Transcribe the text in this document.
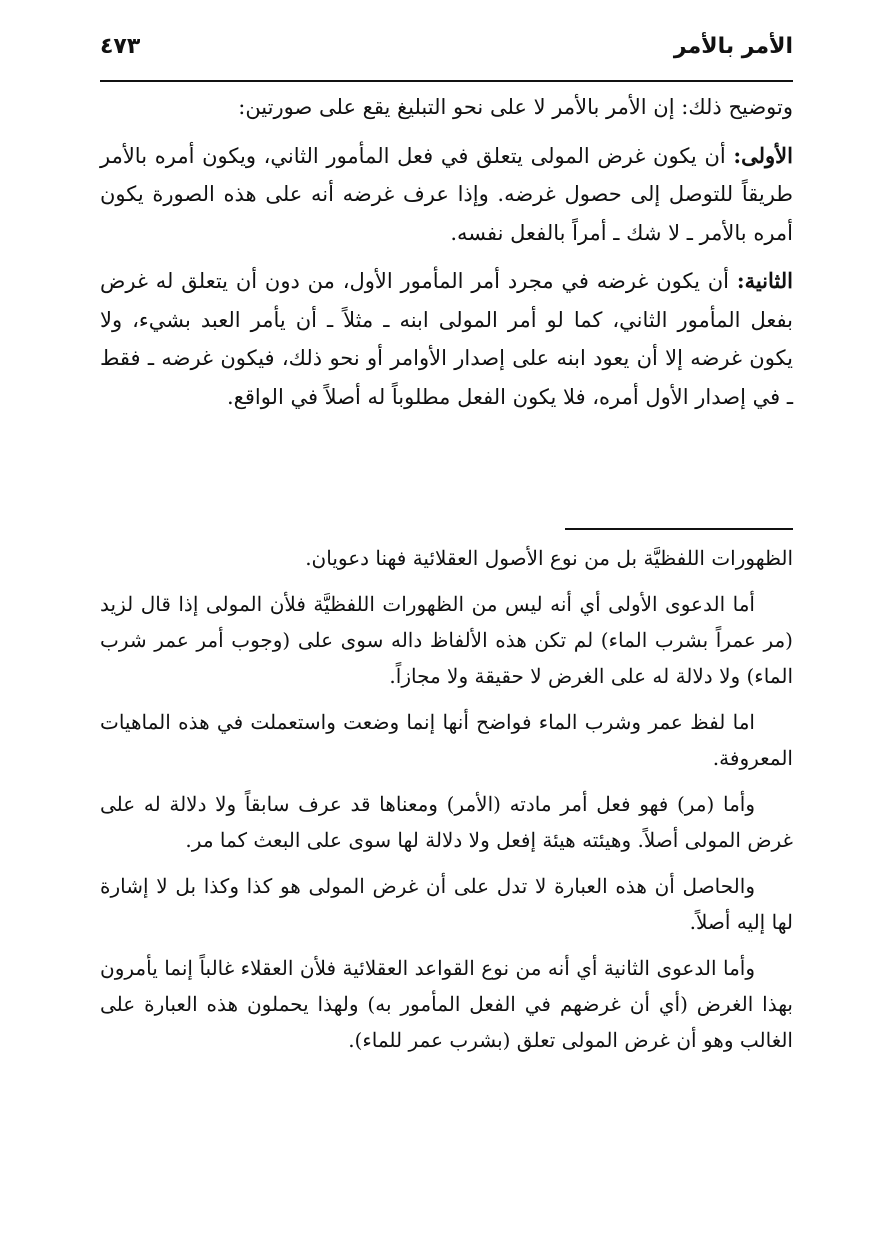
الأمر بالأمر
٤٧٣

وتوضيح ذلك: إن الأمر بالأمر لا على نحو التبليغ يقع على صورتين:

الأولى: أن يكون غرض المولى يتعلق في فعل المأمور الثاني، ويكون أمره بالأمر طريقاً للتوصل إلى حصول غرضه. وإذا عرف غرضه أنه على هذه الصورة يكون أمره بالأمر ـ لا شك ـ أمراً بالفعل نفسه.

الثانية: أن يكون غرضه في مجرد أمر المأمور الأول، من دون أن يتعلق له غرض بفعل المأمور الثاني، كما لو أمر المولى ابنه ـ مثلاً ـ أن يأمر العبد بشيء، ولا يكون غرضه إلا أن يعود ابنه على إصدار الأوامر أو نحو ذلك، فيكون غرضه ـ فقط ـ في إصدار الأول أمره، فلا يكون الفعل مطلوباً له أصلاً في الواقع.

الظهورات اللفظيَّة بل من نوع الأصول العقلائية فهنا دعويان.

أما الدعوى الأولى أي أنه ليس من الظهورات اللفظيَّة فلأن المولى إذا قال لزيد (مر عمراً بشرب الماء) لم تكن هذه الألفاظ داله سوى على (وجوب أمر عمر شرب الماء) ولا دلالة له على الغرض لا حقيقة ولا مجازاً.

اما لفظ عمر وشرب الماء فواضح أنها إنما وضعت واستعملت في هذه الماهيات المعروفة.

وأما (مر) فهو فعل أمر مادته (الأمر) ومعناها قد عرف سابقاً ولا دلالة له على غرض المولى أصلاً. وهيئته هيئة إفعل ولا دلالة لها سوى على البعث كما مر.

والحاصل أن هذه العبارة لا تدل على أن غرض المولى هو كذا وكذا بل لا إشارة لها إليه أصلاً.

وأما الدعوى الثانية أي أنه من نوع القواعد العقلائية فلأن العقلاء غالباً إنما يأمرون بهذا الغرض (أي أن غرضهم في الفعل المأمور به) ولهذا يحملون هذه العبارة على الغالب وهو أن غرض المولى تعلق (بشرب عمر للماء).
